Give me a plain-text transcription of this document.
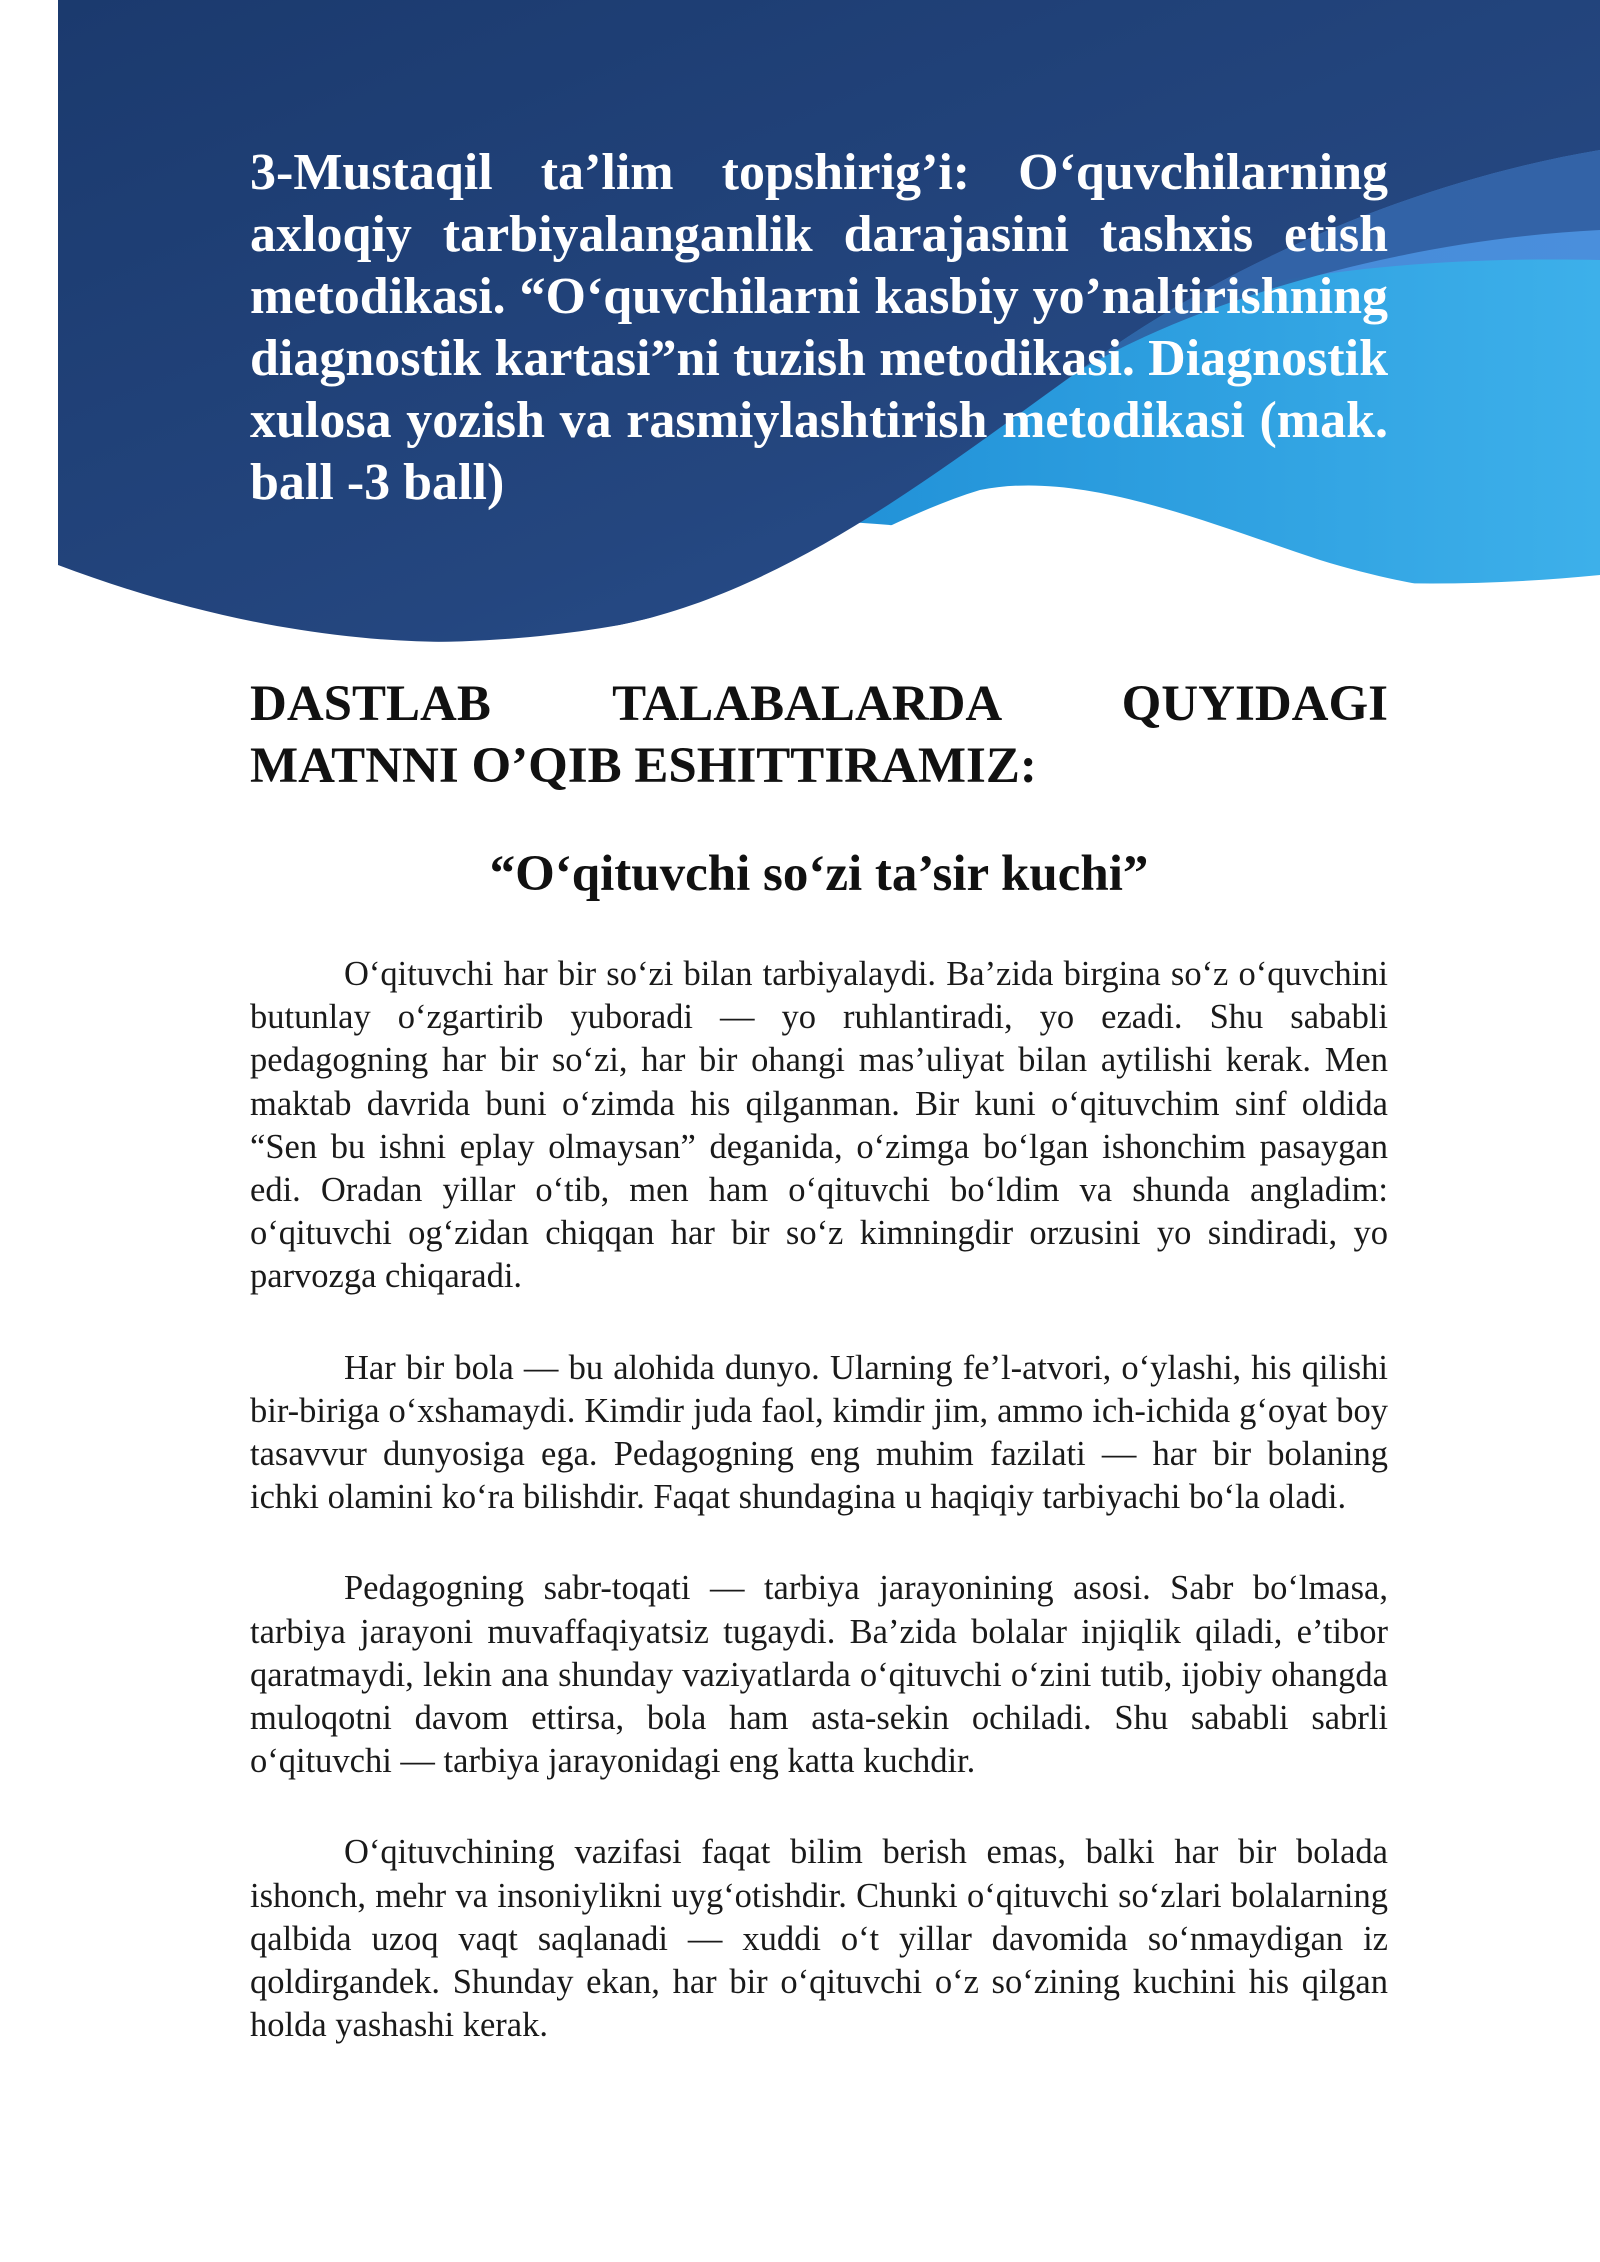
3-Mustaqil ta’lim topshirig’i: O‘quvchilarning axloqiy tarbiyalanganlik darajasini tashxis etish metodikasi. “O‘quvchilarni kasbiy yo’naltirishning diagnostik kartasi”ni tuzish metodikasi. Diagnostik xulosa yozish va rasmiylashtirish metodikasi (mak. ball -3 ball)
DASTLAB TALABALARDA QUYIDAGI MATNNI O’QIB ESHITTIRAMIZ:
“O‘qituvchi so‘zi ta’sir kuchi”

O‘qituvchi har bir so‘zi bilan tarbiyalaydi. Ba’zida birgina so‘z o‘quvchini butunlay o‘zgartirib yuboradi — yo ruhlantiradi, yo ezadi. Shu sababli pedagogning har bir so‘zi, har bir ohangi mas’uliyat bilan aytilishi kerak. Men maktab davrida buni o‘zimda his qilganman. Bir kuni o‘qituvchim sinf oldida “Sen bu ishni eplay olmaysan” deganida, o‘zimga bo‘lgan ishonchim pasaygan edi. Oradan yillar o‘tib, men ham o‘qituvchi bo‘ldim va shunda angladim: o‘qituvchi og‘zidan chiqqan har bir so‘z kimningdir orzusini yo sindiradi, yo parvozga chiqaradi.

Har bir bola — bu alohida dunyo. Ularning fe’l-atvori, o‘ylashi, his qilishi bir-biriga o‘xshamaydi. Kimdir juda faol, kimdir jim, ammo ich-ichida g‘oyat boy tasavvur dunyosiga ega. Pedagogning eng muhim fazilati — har bir bolaning ichki olamini ko‘ra bilishdir. Faqat shundagina u haqiqiy tarbiyachi bo‘la oladi.

Pedagogning sabr-toqati — tarbiya jarayonining asosi. Sabr bo‘lmasa, tarbiya jarayoni muvaffaqiyatsiz tugaydi. Ba’zida bolalar injiqlik qiladi, e’tibor qaratmaydi, lekin ana shunday vaziyatlarda o‘qituvchi o‘zini tutib, ijobiy ohangda muloqotni davom ettirsa, bola ham asta-sekin ochiladi. Shu sababli sabrli o‘qituvchi — tarbiya jarayonidagi eng katta kuchdir.

O‘qituvchining vazifasi faqat bilim berish emas, balki har bir bolada ishonch, mehr va insoniylikni uyg‘otishdir. Chunki o‘qituvchi so‘zlari bolalarning qalbida uzoq vaqt saqlanadi — xuddi o‘t yillar davomida so‘nmaydigan iz qoldirgandek. Shunday ekan, har bir o‘qituvchi o‘z so‘zining kuchini his qilgan holda yashashi kerak.
